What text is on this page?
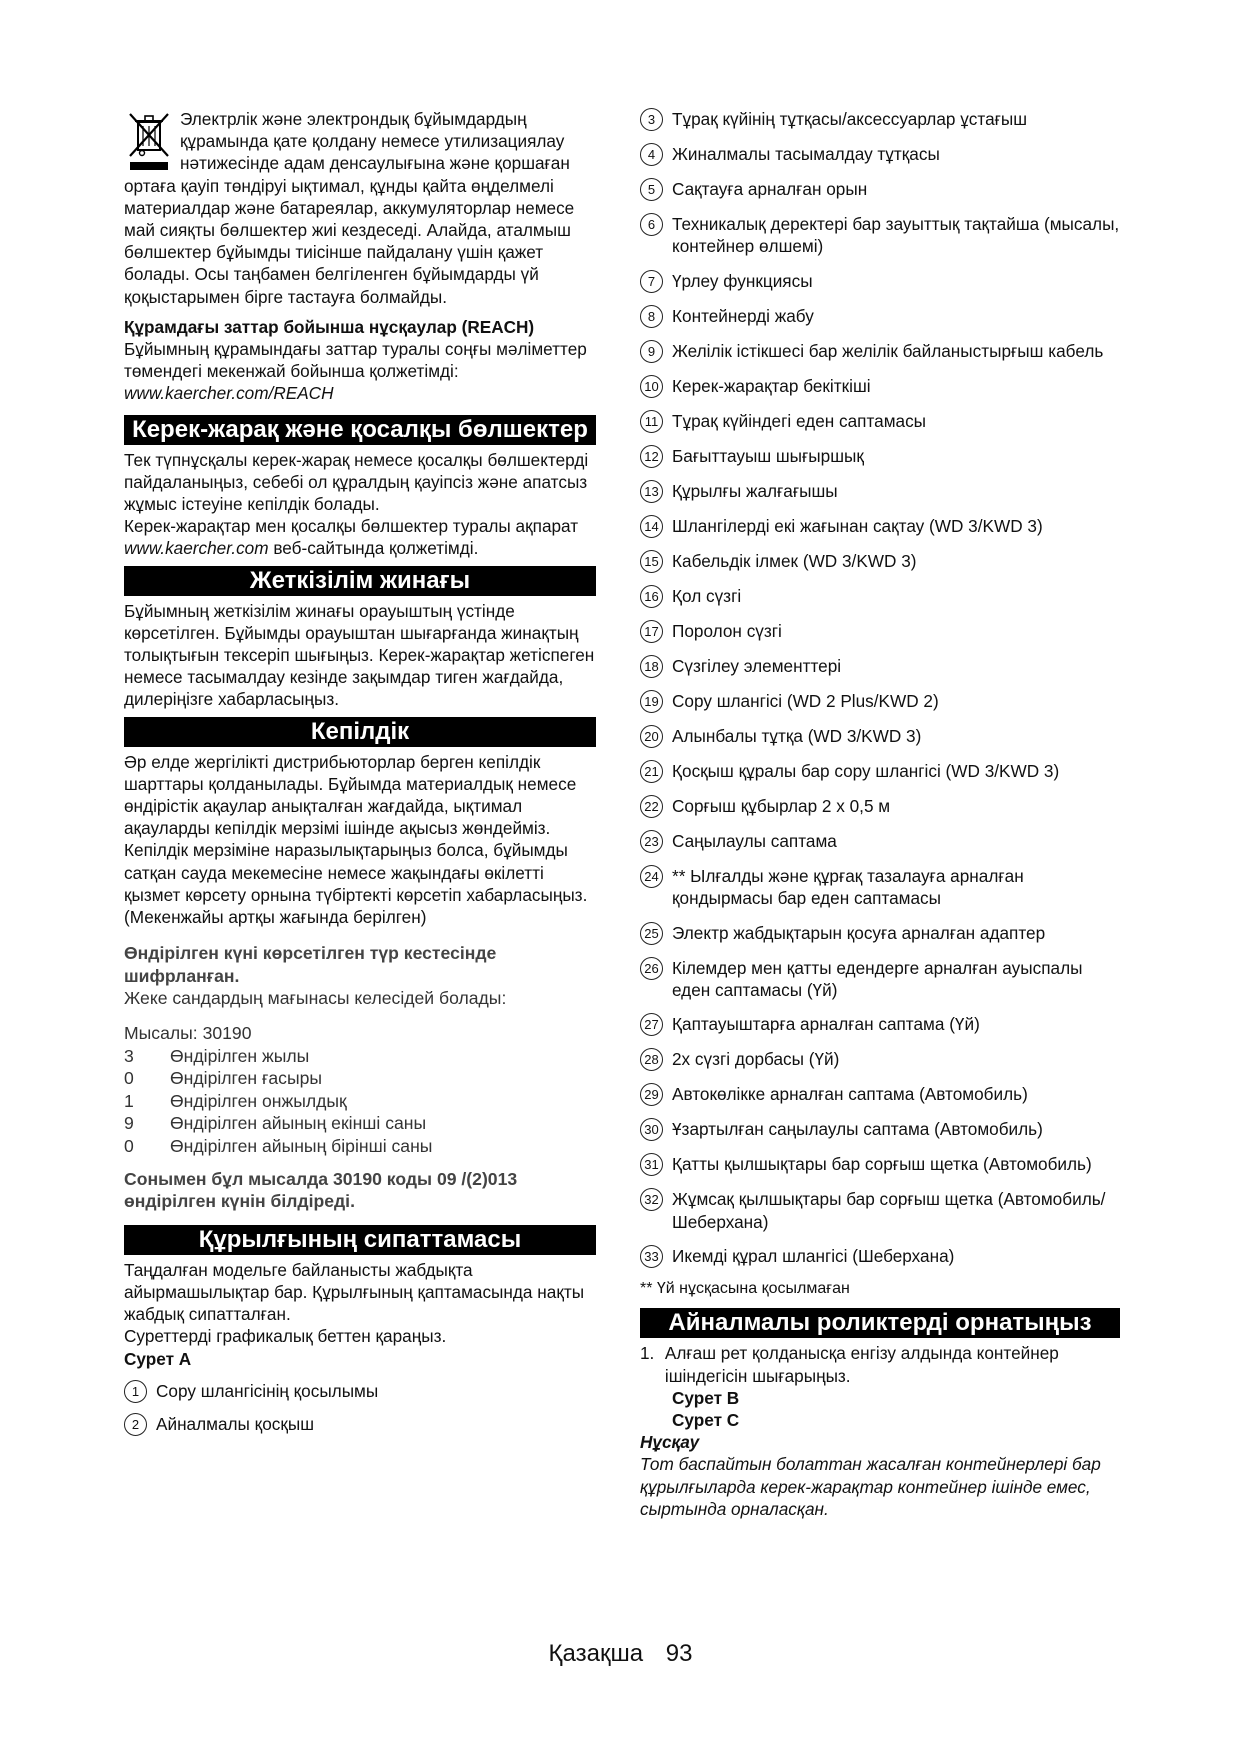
Электрлік және электрондық бұйымдардың құрамында қате қолдану немесе утилизациялау нәтижесінде адам денсаулығына және қоршаған ортаға қауіп төндіруі ықтимал, құнды қайта өңделмелі материалдар және батареялар, аккумуляторлар немесе май сияқты бөлшектер жиі кездеседі. Алайда, аталмыш бөлшектер бұйымды тиісінше пайдалану үшін қажет болады. Осы таңбамен белгіленген бұйымдарды үй қоқыстарымен бірге тастауға болмайды.

Құрамдағы заттар бойынша нұсқаулар (REACH)

Бұйымның құрамындағы заттар туралы соңғы мәліметтер төмендегі мекенжай бойынша қолжетімді: www.kaercher.com/REACH

Керек-жарақ және қосалқы бөлшектер

Тек түпнұсқалы керек-жарақ немесе қосалқы бөлшектерді пайдаланыңыз, себебі ол құралдың қауіпсіз және апатсыз жұмыс істеуіне кепілдік болады.

Керек-жарақтар мен қосалқы бөлшектер туралы ақпарат www.kaercher.com веб-сайтында қолжетімді.

Жеткізілім жинағы

Бұйымның жеткізілім жинағы орауыштың үстінде көрсетілген. Бұйымды орауыштан шығарғанда жинақтың толықтығын тексеріп шығыңыз. Керек-жарақтар жетіспеген немесе тасымалдау кезінде зақымдар тиген жағдайда, дилеріңізге хабарласыңыз.

Кепілдік

Әр елде жергілікті дистрибьюторлар берген кепілдік шарттары қолданылады. Бұйымда материалдық немесе өндірістік ақаулар анықталған жағдайда, ықтимал ақауларды кепілдік мерзімі ішінде ақысыз жөндейміз. Кепілдік мерзіміне наразылықтарыңыз болса, бұйымды сатқан сауда мекемесіне немесе жақындағы өкілетті қызмет көрсету орнына түбіртекті көрсетіп хабарласыңыз.

(Мекенжайы артқы жағында берілген)

Өндірілген күні көрсетілген түр кестесінде шифрланған.

Жеке сандардың мағынасы келесідей болады:

Мысалы: 30190

3	Өндірілген жылы
0	Өндірілген ғасыры
1	Өндірілген онжылдық
9	Өндірілген айының екінші саны
0	Өндірілген айының бірінші саны

Сонымен бұл мысалда 30190 коды 09 /(2)013 өндірілген күнін білдіреді.

Құрылғының сипаттамасы

Таңдалған модельге байланысты жабдықта айырмашылықтар бар. Құрылғының қаптамасында нақты жабдық сипатталған.

Суреттерді графикалық беттен қараңыз.

Сурет A

1 Сору шлангісінің қосылымы
2 Айналмалы қосқыш
3 Тұрақ күйінің тұтқасы/аксессуарлар ұстағыш
4 Жиналмалы тасымалдау тұтқасы
5 Сақтауға арналған орын
6 Техникалық деректері бар зауыттық тақтайша (мысалы, контейнер өлшемі)
7 Үрлеу функциясы
8 Контейнерді жабу
9 Желілік істікшесі бар желілік байланыстырғыш кабель
10 Керек-жарақтар бекіткіші
11 Тұрақ күйіндегі еден саптамасы
12 Бағыттауыш шығыршық
13 Құрылғы жалғағышы
14 Шлангілерді екі жағынан сақтау (WD 3/KWD 3)
15 Кабельдік ілмек (WD 3/KWD 3)
16 Қол сүзгі
17 Поролон сүзгі
18 Сүзгілеу элементтері
19 Сору шлангісі (WD 2 Plus/KWD 2)
20 Алынбалы тұтқа (WD 3/KWD 3)
21 Қосқыш құралы бар сору шлангісі (WD 3/KWD 3)
22 Сорғыш құбырлар 2 x 0,5 м
23 Саңылаулы саптама
24 ** Ылғалды және құрғақ тазалауға арналған қондырмасы бар еден саптамасы
25 Электр жабдықтарын қосуға арналған адаптер
26 Кілемдер мен қатты едендерге арналған ауыспалы еден саптамасы (Үй)
27 Қаптауыштарға арналған саптама (Үй)
28 2x сүзгі дорбасы (Үй)
29 Автокөлікке арналған саптама (Автомобиль)
30 Ұзартылған саңылаулы саптама (Автомобиль)
31 Қатты қылшықтары бар сорғыш щетка (Автомобиль)
32 Жұмсақ қылшықтары бар сорғыш щетка (Автомобиль/Шеберхана)
33 Икемді құрал шлангісі (Шеберхана)

** Үй нұсқасына қосылмаған

Айналмалы роликтерді орнатыңыз
1. Алғаш рет қолданысқа енгізу алдында контейнер ішіндегісін шығарыңыз.

Сурет B

Сурет C

Нұсқау

Тот баспайтын болаттан жасалған контейнерлері бар құрылғыларда керек-жарақтар контейнер ішінде емес, сыртында орналасқан.

Қазақша 93
